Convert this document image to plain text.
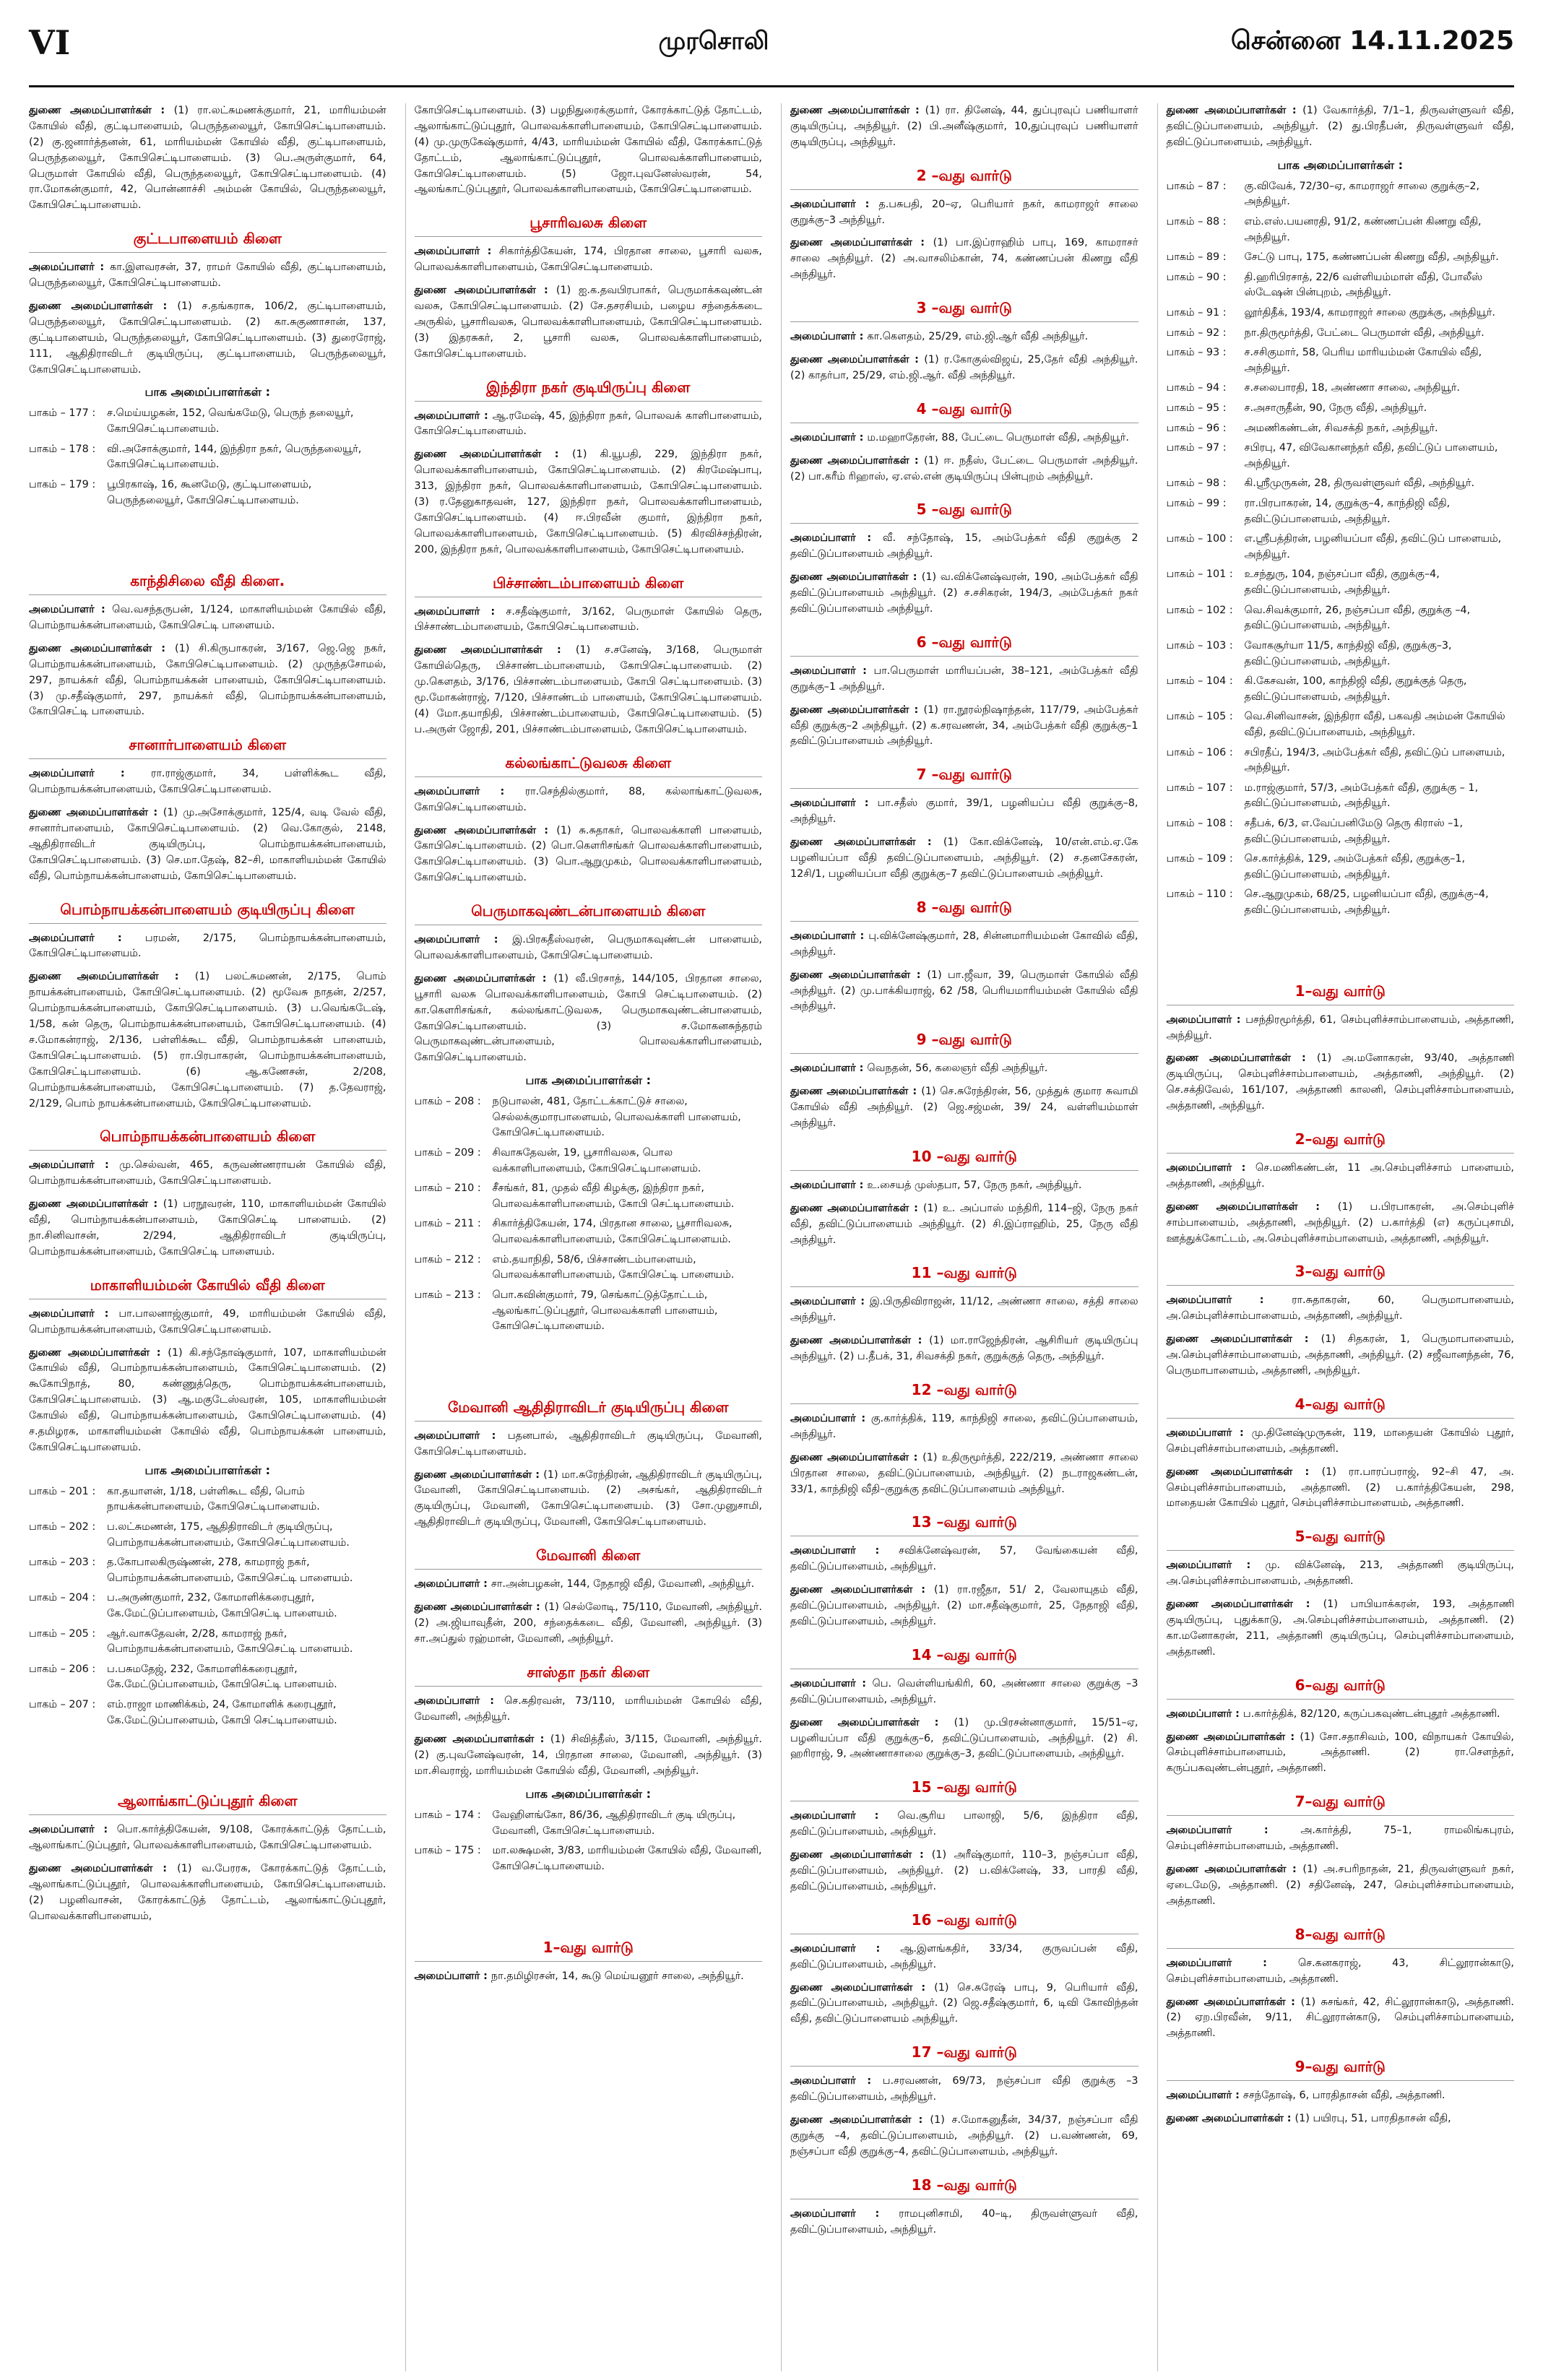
VI	முரசொலி	சென்னை 14.11.2025

துணை அமைப்பாளர்கள் : (1) ரா.லட்சுமணக்குமார், 21, மாரியம்மன் கோயில் வீதி, குட்டிபாளையம், பெருந்தலையூர், கோபிசெட்டிபாளையம். (2) கு.ஜனார்த்தனன், 61, மாரியம்மன் கோயில் வீதி, குட்டிபாளையம், பெருந்தலையூர், கோபிசெட்டிபாளையம். (3) பெ.அருள்குமார், 64, பெருமாள் கோயில் வீதி, பெருந்தலையூர், கோபிசெட்டிபாளையம். (4) ரா.மோகன்குமார், 42, பொன்னாச்சி அம்மன் கோயில், பெருந்தலையூர், கோபிசெட்டிபாளையம்.

குட்டபாளையம் கிளை

அமைப்பாளர் : கா.இளவரசன், 37, ராமர் கோயில் வீதி, குட்டிபாளையம், பெருந்தலையூர், கோபிசெட்டிபாளையம்.

துணை அமைப்பாளர்கள் : (1) ச.தங்கராசு, 106/2, குட்டிபாளையம், பெருந்தலையூர், கோபிசெட்டிபாளையம். (2) கா.சுகுணாசான், 137, குட்டிபாளையம், பெருந்தலையூர், கோபிசெட்டிபாளையம். (3) துரைரோஜ், 111, ஆதிதிராவிடர் குடியிருப்பு, குட்டிபாளையம், பெருந்தலையூர், கோபிசெட்டிபாளையம்.

பாக அமைப்பாளர்கள் :
பாகம் – 177 :	ச.மெய்யழகன், 152, வெங்கமேடு, பெருந் தலையூர், கோபிசெட்டிபாளையம்.
பாகம் – 178 :	வி.அசோக்குமார், 144, இந்திரா நகர், பெருந்தலையூர், கோபிசெட்டிபாளையம்.
பாகம் – 179 :	பூபிரகாஷ், 16, கூனமேடு, குட்டிபாளையம், பெருந்தலையூர், கோபிசெட்டிபாளையம்.
காந்திசிலை வீதி கிளை.

அமைப்பாளர் : வெ.வசந்தருபன், 1/124, மாகாளியம்மன் கோயில் வீதி, பொம்நாயக்கன்பாளையம், கோபிசெட்டி பாளையம்.

துணை அமைப்பாளர்கள் : (1) சி.கிருபாகரன், 3/167, ஜெ.ஜெ நகர், பொம்நாயக்கன்பாளையம், கோபிசெட்டிபாளையம். (2) முருந்தசோமல், 297, நாயக்கர் வீதி, பொம்நாயக்கன் பாளையம், கோபிசெட்டிபாளையம். (3) மு.சதீஷ்குமார், 297, நாயக்கர் வீதி, பொம்நாயக்கன்பாளையம், கோபிசெட்டி பாளையம்.

சானார்பாளையம் கிளை

அமைப்பாளர் : ரா.ராஜ்குமார், 34, பள்ளிக்கூட வீதி, பொம்நாயக்கன்பாளையம், கோபிசெட்டிபாளையம்.

துணை அமைப்பாளர்கள் : (1) மு.அசோக்குமார், 125/4, வடி வேல் வீதி, சானார்பாளையம், கோபிசெட்டிபாளையம். (2) வெ.கோகுல், 2148, ஆதிதிராவிடர் குடியிருப்பு, பொம்நாயக்கன்பாளையம், கோபிசெட்டிபாளையம். (3) செ.மா.தேஷ், 82–சி, மாகாளியம்மன் கோயில் வீதி, பொம்நாயக்கன்பாளையம், கோபிசெட்டிபாளையம்.

பொம்நாயக்கன்பாளையம் குடியிருப்பு கிளை

அமைப்பாளர் : பரமன், 2/175, பொம்நாயக்கன்பாளையம், கோபிசெட்டிபாளையம்.

துணை அமைப்பாளர்கள் : (1) பலட்சுமணன், 2/175, பொம் நாயக்கன்பாளையம், கோபிசெட்டிபாளையம். (2) மூவேசு நாதன், 2/257, பொம்நாயக்கன்பாளையம், கோபிசெட்டிபாளையம். (3) ப.வெங்கடேஷ், 1/58, கன் தெரு, பொம்நாயக்கன்பாளையம், கோபிசெட்டிபாளையம். (4) ச.மோகன்ராஜ், 2/136, பள்ளிக்கூட வீதி, பொம்நாயக்கன் பாளையம், கோபிசெட்டிபாளையம். (5) ரா.பிரபாகரன், பொம்நாயக்கன்பாளையம், கோபிசெட்டிபாளையம். (6) ஆ.கணேசன், 2/208, பொம்நாயக்கன்பாளையம், கோபிசெட்டிபாளையம். (7) த.தேவராஜ், 2/129, பொம் நாயக்கன்பாளையம், கோபிசெட்டிபாளையம்.

பொம்நாயக்கன்பாளையம் கிளை

அமைப்பாளர் : மு.செல்வன், 465, கருவண்ணராயன் கோயில் வீதி, பொம்நாயக்கன்பாளையம், கோபிசெட்டிபாளையம்.

துணை அமைப்பாளர்கள் : (1) பரநூவரன், 110, மாகாளியம்மன் கோயில் வீதி, பொம்நாயக்கன்பாளையம், கோபிசெட்டி பாளையம். (2) நா.சினிவாசன், 2/294, ஆதிதிராவிடர் குடியிருப்பு, பொம்நாயக்கன்பாளையம், கோபிசெட்டி பாளையம்.

மாகாளியம்மன் கோயில் வீதி கிளை

அமைப்பாளர் : பா.பாலனாஜ்குமார், 49, மாரியம்மன் கோயில் வீதி, பொம்நாயக்கன்பாளையம், கோபிசெட்டிபாளையம்.

துணை அமைப்பாளர்கள் : (1) கி.சந்தோஷ்குமார், 107, மாகாளியம்மன் கோயில் வீதி, பொம்நாயக்கன்பாளையம், கோபிசெட்டிபாளையம். (2) கூகோபிநாத், 80, கண்ணுத்தெரு, பொம்நாயக்கன்பாளையம், கோபிசெட்டிபாளையம். (3) ஆ.மகுடேஸ்வரன், 105, மாகாளியம்மன் கோயில் வீதி, பொம்நாயக்கன்பாளையம், கோபிசெட்டிபாளையம். (4) ச.தமிழரசு, மாகாளியம்மன் கோயில் வீதி, பொம்நாயக்கன் பாளையம், கோபிசெட்டிபாளையம்.

பாக அமைப்பாளர்கள் :
பாகம் – 201 :	கா.தயாளன், 1/18, பள்ளிகூட வீதி, பொம் நாயக்கன்பாளையம், கோபிசெட்டிபாளையம்.
பாகம் – 202 :	ப.லட்சுமணன், 175, ஆதிதிராவிடர் குடியிருப்பு, பொம்நாயக்கன்பாளையம், கோபிசெட்டிபாளையம்.
பாகம் – 203 :	த.கோபாலகிருஷ்ணன், 278, காமராஜ் நகர், பொம்நாயக்கன்பாளையம், கோபிசெட்டி பாளையம்.
பாகம் – 204 :	ப.அருண்குமார், 232, கோமாளிக்கரைபுதூர், கே.மேட்டுப்பாளையம், கோபிசெட்டி பாளையம்.
பாகம் – 205 :	ஆர்.வாசுதேவன், 2/28, காமராஜ் நகர், பொம்நாயக்கன்பாளையம், கோபிசெட்டி பாளையம்.
பாகம் – 206 :	ப.பசுமதேஜ், 232, கோமாளிக்கரைபுதூர், கே.மேட்டுப்பாளையம், கோபிசெட்டி பாளையம்.
பாகம் – 207 :	எம்.ராஜா மாணிக்கம், 24, கோமாளிக் கரைபுதூர், கே.மேட்டுப்பாளையம், கோபி செட்டிபாளையம்.
ஆலாங்காட்டுப்புதூர் கிளை

அமைப்பாளர் : பொ.கார்த்திகேயன், 9/108, கோரக்காட்டுத் தோட்டம், ஆலாங்காட்டுப்புதூர், பொலவக்காளிபாளையம், கோபிசெட்டிபாளையம்.

துணை அமைப்பாளர்கள் : (1) வ.பேரரசு, கோரக்காட்டுத் தோட்டம், ஆலாங்காட்டுப்புதூர், பொலவக்காளிபாளையம், கோபிசெட்டிபாளையம். (2) பழனிவாசன், கோரக்காட்டுத் தோட்டம், ஆலாங்காட்டுப்புதூர், பொலவக்காளிபாளையம்,

கோபிசெட்டிபாளையம். (3) பழநிதுரைக்குமார், கோரக்காட்டுத் தோட்டம், ஆலாங்காட்டுப்புதூர், பொலவக்காளிபாளையம், கோபிசெட்டிபாளையம். (4) மு.முருகேஷ்குமார், 4/43, மாரியம்மன் கோயில் வீதி, கோரக்காட்டுத் தோட்டம், ஆலாங்காட்டுப்புதூர், பொலவக்காளிபாளையம், கோபிசெட்டிபாளையம். (5) ஜோ.புவனேஸ்வரன், 54, ஆலங்காட்டுப்புதூர், பொலவக்காளிபாளையம், கோபிசெட்டிபாளையம்.

பூசாரிவலசு கிளை

அமைப்பாளர் : சிகார்த்திகேயன், 174, பிரதான சாலை, பூசாரி வலசு, பொலவக்காளிபாளையம், கோபிசெட்டிபாளையம்.

துணை அமைப்பாளர்கள் : (1) ஐ.க.தவபிரபாகர், பெருமாக்கவுண்டன் வலசு, கோபிசெட்டிபாளையம். (2) சே.தசரசியம், பழைய சந்தைக்கடை அருகில், பூசாரிவலசு, பொலவக்காளிபாளையம், கோபிசெட்டிபாளையம். (3) இதரசுகர், 2, பூசாரி வலசு, பொலவக்காளிபாளையம், கோபிசெட்டிபாளையம்.

இந்திரா நகர் குடியிருப்பு கிளை

அமைப்பாளர் : ஆ.ரமேஷ், 45, இந்திரா நகர், பொலவக் காளிபாளையம், கோபிசெட்டிபாளையம்.

துணை அமைப்பாளர்கள் : (1) கி.யூபதி, 229, இந்திரா நகர், பொலவக்காளிபாளையம், கோபிசெட்டிபாளையம். (2) கிரமேஷ்பாபு, 313, இந்திரா நகர், பொலவக்காளிபாளையம், கோபிசெட்டிபாளையம். (3) ர.தேனுகாதவன், 127, இந்திரா நகர், பொலவக்காளிபாளையம், கோபிசெட்டிபாளையம். (4) ஈ.பிரவீன் குமார், இந்திரா நகர், பொலவக்காளிபாளையம், கோபிசெட்டிபாளையம். (5) கிரவிச்சந்திரன், 200, இந்திரா நகர், பொலவக்காளிபாளையம், கோபிசெட்டிபாளையம்.

பிச்சாண்டம்பாளையம் கிளை

அமைப்பாளர் : ச.சதீஷ்குமார், 3/162, பெருமாள் கோயில் தெரு, பிச்சாண்டம்பாளையம், கோபிசெட்டிபாளையம்.

துணை அமைப்பாளர்கள் : (1) ச.சனேஷ், 3/168, பெருமாள் கோயில்தெரு, பிச்சாண்டம்பாளையம், கோபிசெட்டிபாளையம். (2) மு.கௌதம், 3/176, பிச்சாண்டம்பாளையம், கோபி செட்டிபாளையம். (3) மூ.மோகன்ராஜ், 7/120, பிச்சாண்டம் பாளையம், கோபிசெட்டிபாளையம். (4) மோ.தயாநிதி, பிச்சாண்டம்பாளையம், கோபிசெட்டிபாளையம். (5) ப.அருள் ஜோதி, 201, பிச்சாண்டம்பாளையம், கோபிசெட்டிபாளையம்.

கல்லங்காட்டுவலசு கிளை

அமைப்பாளர் : ரா.செந்தில்குமார், 88, கல்லாங்காட்டுவலசு, கோபிசெட்டிபாளையம்.

துணை அமைப்பாளர்கள் : (1) சு.சுதாகர், பொலவக்காளி பாளையம், கோபிசெட்டிபாளையம். (2) பொ.கௌரிசங்கர் பொலவக்காளிபாளையம், கோபிசெட்டிபாளையம். (3) பொ.ஆறுமுகம், பொலவக்காளிபாளையம், கோபிசெட்டிபாளையம்.

பெருமாகவுண்டன்பாளையம் கிளை

அமைப்பாளர் : இ.பிரகதீஸ்வரன், பெருமாகவுண்டன் பாளையம், பொலவக்காளிபாளையம், கோபிசெட்டிபாளையம்.

துணை அமைப்பாளர்கள் : (1) வீ.பிரசாத், 144/105, பிரதான சாலை, பூசாரி வலசு பொலவக்காளிபாளையம், கோபி செட்டிபாளையம். (2) கா.கௌரிசங்கர், கல்லங்காட்டுவலசு, பெருமாகவுண்டன்பாளையம், கோபிசெட்டிபாளையம். (3) ச.மோகனசுந்தரம் பெருமாகவுண்டன்பாளையம், பொலவக்காளிபாளையம், கோபிசெட்டிபாளையம்.

பாக அமைப்பாளர்கள் :
பாகம் – 208 :	நடுபாலன், 481, தோட்டக்காட்டுச் சாலை, செல்லக்குமாரபாளையம், பொலவக்காளி பாளையம், கோபிசெட்டிபாளையம்.
பாகம் – 209 :	சிவாசுதேவன், 19, பூசாரிவலசு, பொல வக்காளிபாளையம், கோபிசெட்டிபாளையம்.
பாகம் – 210 :	சீசங்கர், 81, முதல் வீதி கிழக்கு, இந்திரா நகர், பொலவக்காளிபாளையம், கோபி செட்டிபாளையம்.
பாகம் – 211 :	சிகார்த்திகேயன், 174, பிரதான சாலை, பூசாரிவலசு, பொலவக்காளிபாளையம், கோபிசெட்டிபாளையம்.
பாகம் – 212 :	எம்.தயாநிதி, 58/6, பிச்சாண்டம்பாளையம், பொலவக்காளிபாளையம், கோபிசெட்டி பாளையம்.
பாகம் – 213 :	பொ.கவின்குமார், 79, செங்காட்டுத்தோட்டம், ஆலங்காட்டுப்புதூர், பொலவக்காளி பாளையம், கோபிசெட்டிபாளையம்.
மேவானி ஆதிதிராவிடர் குடியிருப்பு கிளை

அமைப்பாளர் : பதனபால், ஆதிதிராவிடர் குடியிருப்பு, மேவானி, கோபிசெட்டிபாளையம்.

துணை அமைப்பாளர்கள் : (1) மா.சுரேந்திரன், ஆதிதிராவிடர் குடியிருப்பு, மேவானி, கோபிசெட்டிபாளையம். (2) அசங்கர், ஆதிதிராவிடர் குடியிருப்பு, மேவானி, கோபிசெட்டிபாளையம். (3) சோ.முனுசாமி, ஆதிதிராவிடர் குடியிருப்பு, மேவானி, கோபிசெட்டிபாளையம்.

மேவானி கிளை

அமைப்பாளர் : சா.அன்பழகன், 144, நேதாஜி வீதி, மேவானி, அந்தியூர்.

துணை அமைப்பாளர்கள் : (1) செல்லோடி, 75/110, மேவானி, அந்தியூர். (2) அ.ஜியாவுதீன், 200, சந்தைக்கடை வீதி, மேவானி, அந்தியூர். (3) சா.அப்துல் ரஹ்மான், மேவானி, அந்தியூர்.

சாஸ்தா நகர் கிளை

அமைப்பாளர் : செ.கதிரவன், 73/110, மாரியம்மன் கோயில் வீதி, மேவானி, அந்தியூர்.

துணை அமைப்பாளர்கள் : (1) சிவித்தீஸ், 3/115, மேவானி, அந்தியூர். (2) கு.புவனேஷ்வரன், 14, பிரதான சாலை, மேவானி, அந்தியூர். (3) மா.சிவராஜ், மாரியம்மன் கோயில் வீதி, மேவானி, அந்தியூர்.

பாக அமைப்பாளர்கள் :
பாகம் – 174 :	வேஹிளங்கோ, 86/36, ஆதிதிராவிடர் குடி யிருப்பு, மேவானி, கோபிசெட்டிபாளையம்.
பாகம் – 175 :	மா.லக்ஷமன், 3/83, மாரியம்மன் கோயில் வீதி, மேவானி, கோபிசெட்டிபாளையம்.
1–வது வார்டு

அமைப்பாளர் : நா.தமிழிரசன், 14, கூடு மெய்யனூர் சாலை, அந்தியூர்.

துணை அமைப்பாளர்கள் : (1) ரா. தினேஷ், 44, துப்புரவுப் பணியாளர் குடியிருப்பு, அந்தியூர். (2) பி.அனீஷ்குமார், 10,துப்புரவுப் பணியாளர் குடியிருப்பு, அந்தியூர்.

2 –வது வார்டு

அமைப்பாளர் : த.பசுபதி, 20–ஏ, பெரியார் நகர், காமராஜர் சாலை குறுக்கு–3 அந்தியூர்.

துணை அமைப்பாளர்கள் : (1) பா.இப்ராஹிம் பாபு, 169, காமராசர் சாலை அந்தியூர். (2) அ.வாசலிம்கான், 74, கண்ணப்பன் கிணறு வீதி அந்தியூர்.

3 –வது வார்டு

அமைப்பாளர் : கா.கௌதம், 25/29, எம்.ஜி.ஆர் வீதி அந்தியூர்.

துணை அமைப்பாளர்கள் : (1) ர.கோகுல்விஜய், 25,தேர் வீதி அந்தியூர். (2) காதர்பா, 25/29, எம்.ஜி.ஆர். வீதி அந்தியூர்.

4 –வது வார்டு

அமைப்பாளர் : ம.மஹாதேரன், 88, பேட்டை பெருமாள் வீதி, அந்தியூர்.

துணை அமைப்பாளர்கள் : (1) ஈ. நதீஸ், பேட்டை பெருமாள் அந்தியூர். (2) பா.கரீம் ரிஹாஸ், ஏ.எல்.என் குடியிருப்பு பின்புறம் அந்தியூர்.

5 –வது வார்டு

அமைப்பாளர் : வீ. சந்தோஷ், 15, அம்பேத்கர் வீதி குறுக்கு 2 தவிட்டுப்பாளையம் அந்தியூர்.

துணை அமைப்பாளர்கள் : (1) வ.விக்னேஷ்வரன், 190, அம்பேத்கர் வீதி தவிட்டுப்பாளையம் அந்தியூர். (2) ச.சசிகரன், 194/3, அம்பேத்கர் நகர் தவிட்டுப்பாளையம் அந்தியூர்.

6 –வது வார்டு

அமைப்பாளர் : பா.பெருமாள் மாரியப்பன், 38–121, அம்பேத்கர் வீதி குறுக்கு–1 அந்தியூர்.

துணை அமைப்பாளர்கள் : (1) ரா.நூரல்நிஷாந்தன், 117/79, அம்பேத்கர் வீதி குறுக்கு–2 அந்தியூர். (2) க.சரவணன், 34, அம்பேத்கர் வீதி குறுக்கு–1 தவிட்டுப்பாளையம் அந்தியூர்.

7 –வது வார்டு

அமைப்பாளர் : பா.சதீஸ் குமார், 39/1, பழனியப்ப வீதி குறுக்கு–8, அந்தியூர்.

துணை அமைப்பாளர்கள் : (1) கோ.விக்னேஷ், 10/என்.எம்.ஏ.கே பழனியப்பா வீதி தவிட்டுப்பாளையம், அந்தியூர். (2) ச.தனசேகரன், 12சி/1, பழனியப்பா வீதி குறுக்கு–7 தவிட்டுப்பாளையம் அந்தியூர்.

8 –வது வார்டு

அமைப்பாளர் : பு.விக்னேஷ்குமார், 28, சின்னமாரியம்மன் கோவில் வீதி, அந்தியூர்.

துணை அமைப்பாளர்கள் : (1) பா.ஜீவா, 39, பெருமாள் கோயில் வீதி அந்தியூர். (2) மு.பாக்கியராஜ், 62 /58, பெரியமாரியம்மன் கோயில் வீதி அந்தியூர்.

9 –வது வார்டு

அமைப்பாளர் : வெநதன், 56, கலைஞர் வீதி அந்தியூர்.

துணை அமைப்பாளர்கள் : (1) செ.சுரேந்திரன், 56, முத்துக் குமார சுவாமி கோயில் வீதி அந்தியூர். (2) ஜெ.சஜ்மன், 39/ 24, வள்ளியம்மாள் அந்தியூர்.

10 –வது வார்டு

அமைப்பாளர் : உ.சையத் முஸ்தபா, 57, நேரு நகர், அந்தியூர்.

துணை அமைப்பாளர்கள் : (1) உ. அப்பாஸ் மந்திரி, 114–ஜி, நேரு நகர் வீதி, தவிட்டுப்பாளையம் அந்தியூர். (2) சி.இப்ராஹிம், 25, நேரு வீதி அந்தியூர்.

11 –வது வார்டு

அமைப்பாளர் : இ.பிருதிவிராஜன், 11/12, அண்ணா சாலை, சத்தி சாலை அந்தியூர்.

துணை அமைப்பாளர்கள் : (1) மா.ராஜேந்திரன், ஆசிரியர் குடியிருப்பு அந்தியூர். (2) ப.தீபக், 31, சிவசக்தி நகர், குறுக்குத் தெரு, அந்தியூர்.

12 –வது வார்டு

அமைப்பாளர் : கு.கார்த்திக், 119, காந்திஜி சாலை, தவிட்டுப்பாளையம், அந்தியூர்.

துணை அமைப்பாளர்கள் : (1) உதிருமூர்த்தி, 222/219, அண்ணா சாலை பிரதான சாலை, தவிட்டுப்பாளையம், அந்தியூர். (2) நடராஜகண்டன், 33/1, காந்திஜி வீதி–குறுக்கு தவிட்டுப்பாளையம் அந்தியூர்.

13 –வது வார்டு

அமைப்பாளர் : சவிக்னேஷ்வரன், 57, வேங்கையன் வீதி, தவிட்டுப்பாளையம், அந்தியூர்.

துணை அமைப்பாளர்கள் : (1) ரா.ரஜீதா, 51/ 2, வேலாயுதம் வீதி, தவிட்டுப்பாளையம், அந்தியூர். (2) மா.சதீஷ்குமார், 25, நேதாஜி வீதி, தவிட்டுப்பாளையம், அந்தியூர்.

14 –வது வார்டு

அமைப்பாளர் : பெ. வெள்ளியங்கிரி, 60, அண்ணா சாலை குறுக்கு –3 தவிட்டுப்பாளையம், அந்தியூர்.

துணை அமைப்பாளர்கள் : (1) மு.பிரசன்னாகுமார், 15/51–ஏ, பழனியப்பா வீதி குறுக்கு–6, தவிட்டுப்பாளையம், அந்தியூர். (2) சி. ஹரிராஜ், 9, அண்ணாசாலை குறுக்கு–3, தவிட்டுப்பாளையம், அந்தியூர்.

15 –வது வார்டு

அமைப்பாளர் : வெ.சூரிய பாலாஜி, 5/6, இந்திரா வீதி, தவிட்டுப்பாளையம், அந்தியூர்.

துணை அமைப்பாளர்கள் : (1) அரீஷ்குமார், 110–3, நஞ்சப்பா வீதி, தவிட்டுப்பாளையம், அந்தியூர். (2) ப.விக்னேஷ், 33, பாரதி வீதி, தவிட்டுப்பாளையம், அந்தியூர்.

16 –வது வார்டு

அமைப்பாளர் : ஆ.இளங்கதிர், 33/34, குருவப்பன் வீதி, தவிட்டுப்பாளையம், அந்தியூர்.

துணை அமைப்பாளர்கள் : (1) செ.சுரேஷ் பாபு, 9, பெரியார் வீதி, தவிட்டுப்பாளையம், அந்தியூர். (2) ஜெ.சதீஷ்குமார், 6, டிவி கோவிந்தன் வீதி, தவிட்டுப்பாளையம் அந்தியூர்.

17 –வது வார்டு

அமைப்பாளர் : ப.சரவணன், 69/73, நஞ்சப்பா வீதி குறுக்கு –3 தவிட்டுப்பாளையம், அந்தியூர்.

துணை அமைப்பாளர்கள் : (1) ச.மோகனுதீன், 34/37, நஞ்சப்பா வீதி குறுக்கு –4, தவிட்டுப்பாளையம், அந்தியூர். (2) ப.வண்ணன், 69, நஞ்சப்பா வீதி குறுக்கு–4, தவிட்டுப்பாளையம், அந்தியூர்.

18 –வது வார்டு

அமைப்பாளர் : ராமபுனிசாமி, 40–டி, திருவள்ளுவர் வீதி, தவிட்டுப்பாளையம், அந்தியூர்.

துணை அமைப்பாளர்கள் : (1) வேகார்த்தி, 7/1–1, திருவள்ளுவர் வீதி, தவிட்டுப்பாளையம், அந்தியூர். (2) து.பிரதீபன், திருவள்ளுவர் வீதி, தவிட்டுப்பாளையம், அந்தியூர்.

பாக அமைப்பாளர்கள் :
பாகம் – 87 :	கு.விவேக், 72/30–ஏ, காமராஜர் சாலை குறுக்கு–2, அந்தியூர்.
பாகம் – 88 :	எம்.எஸ்.பயனரதி, 91/2, கண்ணப்பன் கிணறு வீதி, அந்தியூர்.
பாகம் – 89 :	சேட்டு பாபு, 175, கண்ணப்பன் கிணறு வீதி, அந்தியூர்.
பாகம் – 90 :	தி.ஹரிபிரசாத், 22/6 வள்ளியம்மாள் வீதி, போலீஸ் ஸ்டேஷன் பின்புறம், அந்தியூர்.
பாகம் – 91 :	லூர்திதீக், 193/4, காமராஜர் சாலை குறுக்கு, அந்தியூர்.
பாகம் – 92 :	நா.திருமூர்த்தி, பேட்டை பெருமாள் வீதி, அந்தியூர்.
பாகம் – 93 :	ச.சசிகுமார், 58, பெரிய மாரியம்மன் கோயில் வீதி, அந்தியூர்.
பாகம் – 94 :	ச.சலைபாரதி, 18, அண்ணா சாலை, அந்தியூர்.
பாகம் – 95 :	ச.அசாருதீன், 90, நேரு வீதி, அந்தியூர்.
பாகம் – 96 :	அமணிகண்டன், சிவசக்தி நகர், அந்தியூர்.
பாகம் – 97 :	சபிரபு, 47, விவேகானந்தர் வீதி, தவிட்டுப் பாளையம், அந்தியூர்.
பாகம் – 98 :	கி.ஸ்ரீமுருகன், 28, திருவள்ளுவர் வீதி, அந்தியூர்.
பாகம் – 99 :	ரா.பிரபாகரன், 14, குறுக்கு–4, காந்திஜி வீதி, தவிட்டுப்பாளையம், அந்தியூர்.
பாகம் – 100 :	எ.ஸ்ரீபத்திரன், பழனியப்பா வீதி, தவிட்டுப் பாளையம், அந்தியூர்.
பாகம் – 101 :	உசந்துரு, 104, நஞ்சப்பா வீதி, குறுக்கு–4, தவிட்டுப்பாளையம், அந்தியூர்.
பாகம் – 102 :	வெ.சிவக்குமார், 26, நஞ்சப்பா வீதி, குறுக்கு –4, தவிட்டுப்பாளையம், அந்தியூர்.
பாகம் – 103 :	வோகசூர்யா 11/5, காந்திஜி வீதி, குறுக்கு–3, தவிட்டுப்பாளையம், அந்தியூர்.
பாகம் – 104 :	கி.கேசவன், 100, காந்திஜி வீதி, குறுக்குத் தெரு, தவிட்டுப்பாளையம், அந்தியூர்.
பாகம் – 105 :	வெ.சினிவாசன், இந்திரா வீதி, பகவதி அம்மன் கோயில் வீதி, தவிட்டுப்பாளையம், அந்தியூர்.
பாகம் – 106 :	சபிரதீப், 194/3, அம்பேத்கர் வீதி, தவிட்டுப் பாளையம், அந்தியூர்.
பாகம் – 107 :	ம.ராஜ்குமார், 57/3, அம்பேத்கர் வீதி, குறுக்கு – 1, தவிட்டுப்பாளையம், அந்தியூர்.
பாகம் – 108 :	சதீபக், 6/3, எ.வேப்பனிமேடு தெரு கிராஸ் –1, தவிட்டுப்பாளையம், அந்தியூர்.
பாகம் – 109 :	செ.கார்த்திக், 129, அம்பேத்கர் வீதி, குறுக்கு–1, தவிட்டுப்பாளையம், அந்தியூர்.
பாகம் – 110 :	செ.ஆறுமுகம், 68/25, பழனியப்பா வீதி, குறுக்கு–4, தவிட்டுப்பாளையம், அந்தியூர்.
1–வது வார்டு

அமைப்பாளர் : பசந்திரமூர்த்தி, 61, செம்புளிச்சாம்பாளையம், அத்தாணி, அந்தியூர்.

துணை அமைப்பாளர்கள் : (1) அ.மனோகரன், 93/40, அத்தாணி குடியிருப்பு, செம்புளிச்சாம்பாளையம், அத்தாணி, அந்தியூர். (2) செ.சக்திவேல், 161/107, அத்தாணி காலனி, செம்புளிச்சாம்பாளையம், அத்தாணி, அந்தியூர்.

2–வது வார்டு

அமைப்பாளர் : செ.மணிகண்டன், 11 அ.செம்புளிச்சாம் பாளையம், அத்தாணி, அந்தியூர்.

துணை அமைப்பாளர்கள் : (1) ப.பிரபாகரன், அ.செம்புளிச் சாம்பாளையம், அத்தாணி, அந்தியூர். (2) ப.கார்த்தி (எ) கருப்புசாமி, ஊத்துக்கோட்டம், அ.செம்புளிச்சாம்பாளையம், அத்தாணி, அந்தியூர்.

3–வது வார்டு

அமைப்பாளர் : ரா.சுதாகரன், 60, பெருமாபாளையம், அ.செம்புளிச்சாம்பாளையம், அத்தாணி, அந்தியூர்.

துணை அமைப்பாளர்கள் : (1) சிதகரன், 1, பெருமாபாளையம், அ.செம்புளிச்சாம்பாளையம், அத்தாணி, அந்தியூர். (2) சஜீவானந்தன், 76, பெருமாபாளையம், அத்தாணி, அந்தியூர்.

4–வது வார்டு

அமைப்பாளர் : மு.தினேஷ்முருகன், 119, மாதையன் கோயில் புதூர், செம்புளிச்சாம்பாளையம், அத்தாணி.

துணை அமைப்பாளர்கள் : (1) ரா.பாரப்பராஜ், 92–சி 47, அ. செம்புளிச்சாம்பாளையம், அத்தாணி. (2) ப.கார்த்திகேயன், 298, மாதையன் கோயில் புதூர், செம்புளிச்சாம்பாளையம், அத்தாணி.

5–வது வார்டு

அமைப்பாளர் : மு. விக்னேஷ், 213, அத்தாணி குடியிருப்பு, அ.செம்புளிச்சாம்பாளையம், அத்தாணி.

துணை அமைப்பாளர்கள் : (1) பாபியாக்கரன், 193, அத்தாணி குடியிருப்பு, புதுக்காடு, அ.செம்புளிச்சாம்பாளையம், அத்தாணி. (2) கா.மனோகரன், 211, அத்தாணி குடியிருப்பு, செம்புளிச்சாம்பாளையம், அத்தாணி.

6–வது வார்டு

அமைப்பாளர் : ப.கார்த்திக், 82/120, கருப்பகவுண்டன்புதூர் அத்தாணி.

துணை அமைப்பாளர்கள் : (1) சோ.சதாசிவம், 100, விநாயகர் கோயில், செம்புளிச்சாம்பாளையம், அத்தாணி. (2) ரா.சௌந்தர், கருப்பகவுண்டன்புதூர், அத்தாணி.

7–வது வார்டு

அமைப்பாளர் : அ.கார்த்தி, 75–1, ராமலிங்கபுரம், செம்புளிச்சாம்பாளையம், அத்தாணி.

துணை அமைப்பாளர்கள் : (1) அ.சபரிநாதன், 21, திருவள்ளுவர் நகர், ஏடைமேடு, அத்தாணி. (2) சதினேஷ், 247, செம்புளிச்சாம்பாளையம், அத்தாணி.

8–வது வார்டு

அமைப்பாளர் : செ.கனகராஜ், 43, சிட்லூரான்காடு, செம்புளிச்சாம்பாளையம், அத்தாணி.

துணை அமைப்பாளர்கள் : (1) சுசங்கர், 42, சிட்லூரான்காடு, அத்தாணி. (2) ஏற.பிரவீன், 9/11, சிட்லூரான்காடு, செம்புளிச்சாம்பாளையம், அத்தாணி.

9–வது வார்டு

அமைப்பாளர் : சசந்தோஷ், 6, பாரதிதாசன் வீதி, அத்தாணி.

துணை அமைப்பாளர்கள் : (1) பயிரபு, 51, பாரதிதாசன் வீதி,
